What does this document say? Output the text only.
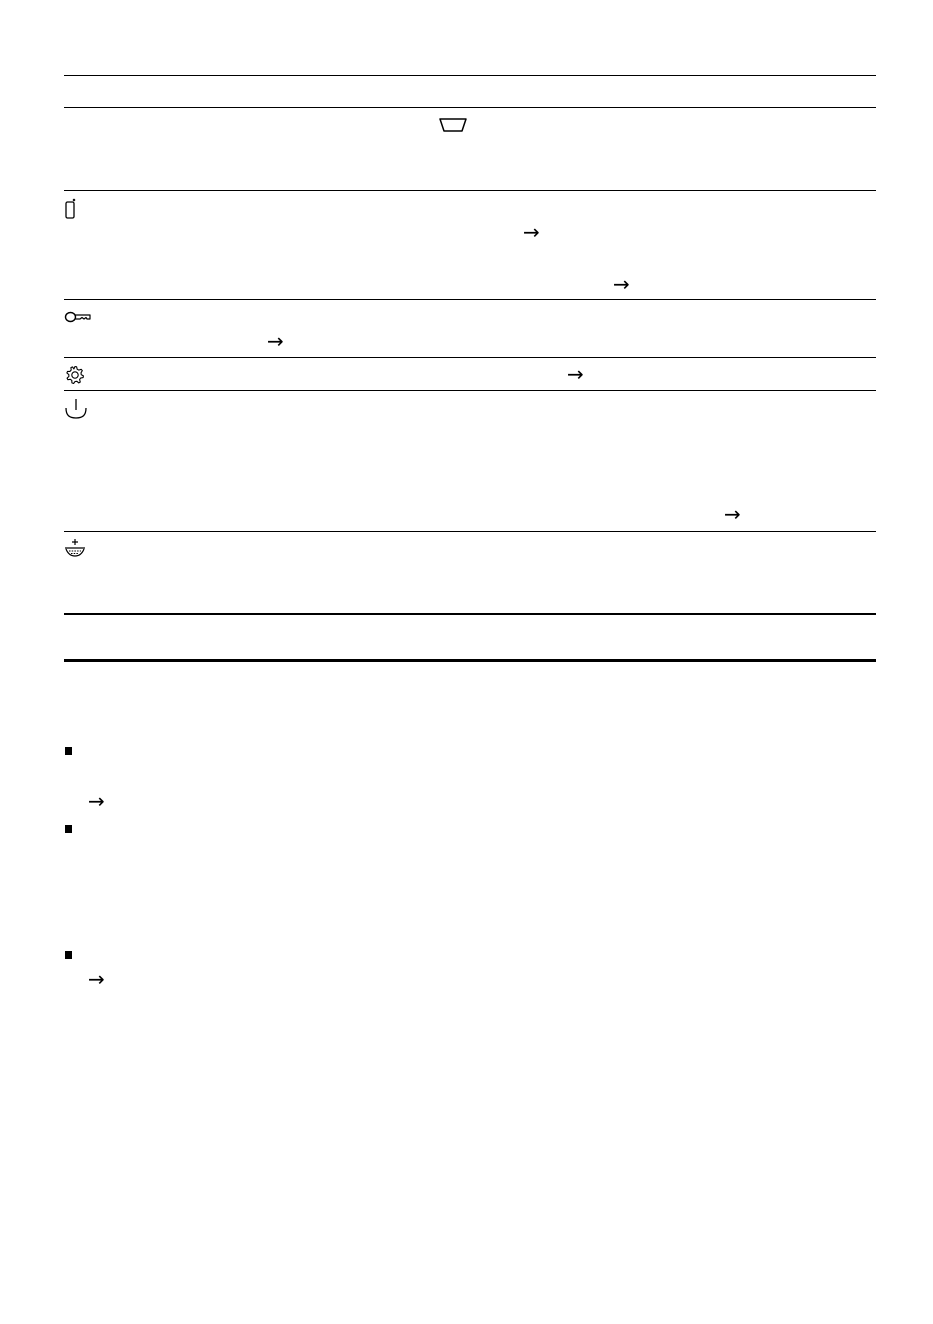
→
→
→
→
→
→
→
